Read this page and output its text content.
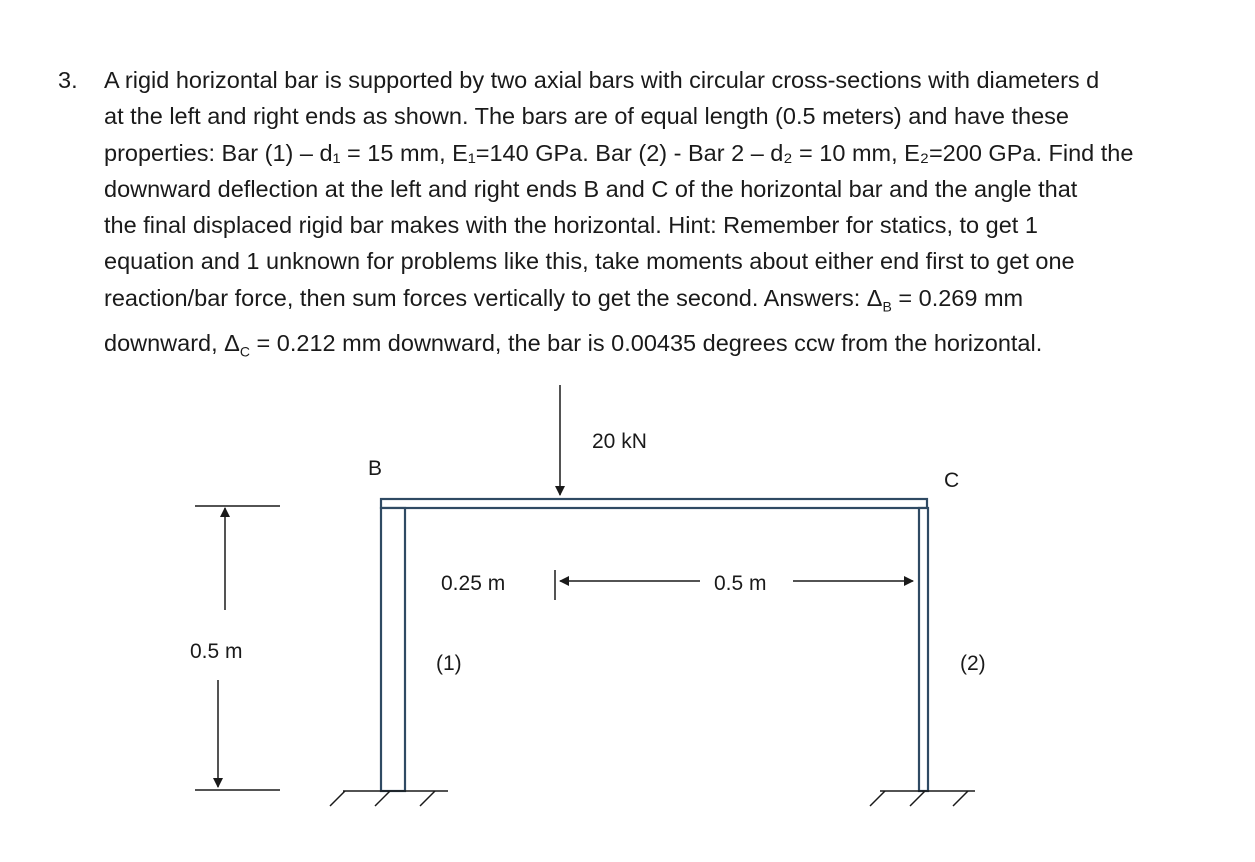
3. A rigid horizontal bar is supported by two axial bars with circular cross-sections with diameters d
at the left and right ends as shown. The bars are of equal length (0.5 meters) and have these
properties: Bar (1) – d₁ = 15 mm, E₁=140 GPa. Bar (2) - Bar 2 – d₂ = 10 mm, E₂=200 GPa. Find the
downward deflection at the left and right ends B and C of the horizontal bar and the angle that
the final displaced rigid bar makes with the horizontal. Hint: Remember for statics, to get 1
equation and 1 unknown for problems like this, take moments about either end first to get one
reaction/bar force, then sum forces vertically to get the second. Answers: $\Delta_B = 0.269$ mm
downward, $\Delta_C = 0.212$ mm downward, the bar is 0.00435 degrees ccw from the horizontal.
20 kN
B
C
0.25 m	0.5 m
0.5 m
(1)	(2)
